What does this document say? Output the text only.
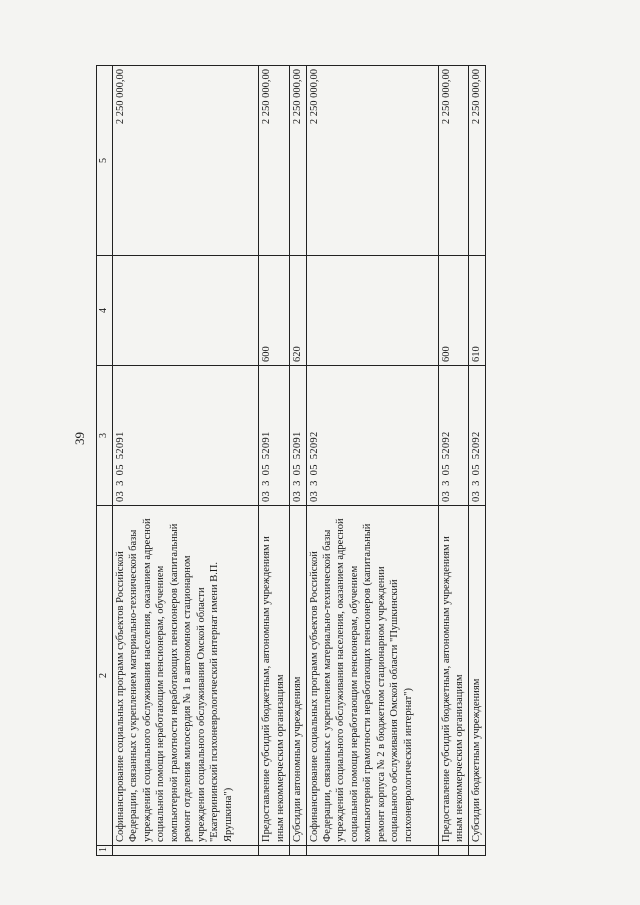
39
1	2	3	4	5
	Софинансирование социальных программ субъектов Российской Федерации, связанных с укреплением материально-технической базы учреждений социального обслуживания населения, оказанием адресной социальной помощи неработающим пенсионерам, обучением компьютерной грамотности неработающих пенсионеров (капитальный ремонт отделения милосердия № 1 в автономном стационарном учреждении социального обслуживания Омской области "Екатерининский психоневрологический интернат имени В.П. Ярушкина")	0330552091		2 250 000,00
	Предоставление субсидий бюджетным, автономным учреждениям и иным некоммерческим организациям	0330552091	600	2 250 000,00
	Субсидии автономным учреждениям	0330552091	620	2 250 000,00
	Софинансирование социальных программ субъектов Российской Федерации, связанных с укреплением материально-технической базы учреждений социального обслуживания населения, оказанием адресной социальной помощи неработающим пенсионерам, обучением компьютерной грамотности неработающих пенсионеров (капитальный ремонт корпуса № 2 в бюджетном стационарном учреждении социального обслуживания Омской области "Пушкинский психоневрологический интернат")	0330552092		2 250 000,00
	Предоставление субсидий бюджетным, автономным учреждениям и иным некоммерческим организациям	0330552092	600	2 250 000,00
	Субсидии бюджетным учреждениям	0330552092	610	2 250 000,00
